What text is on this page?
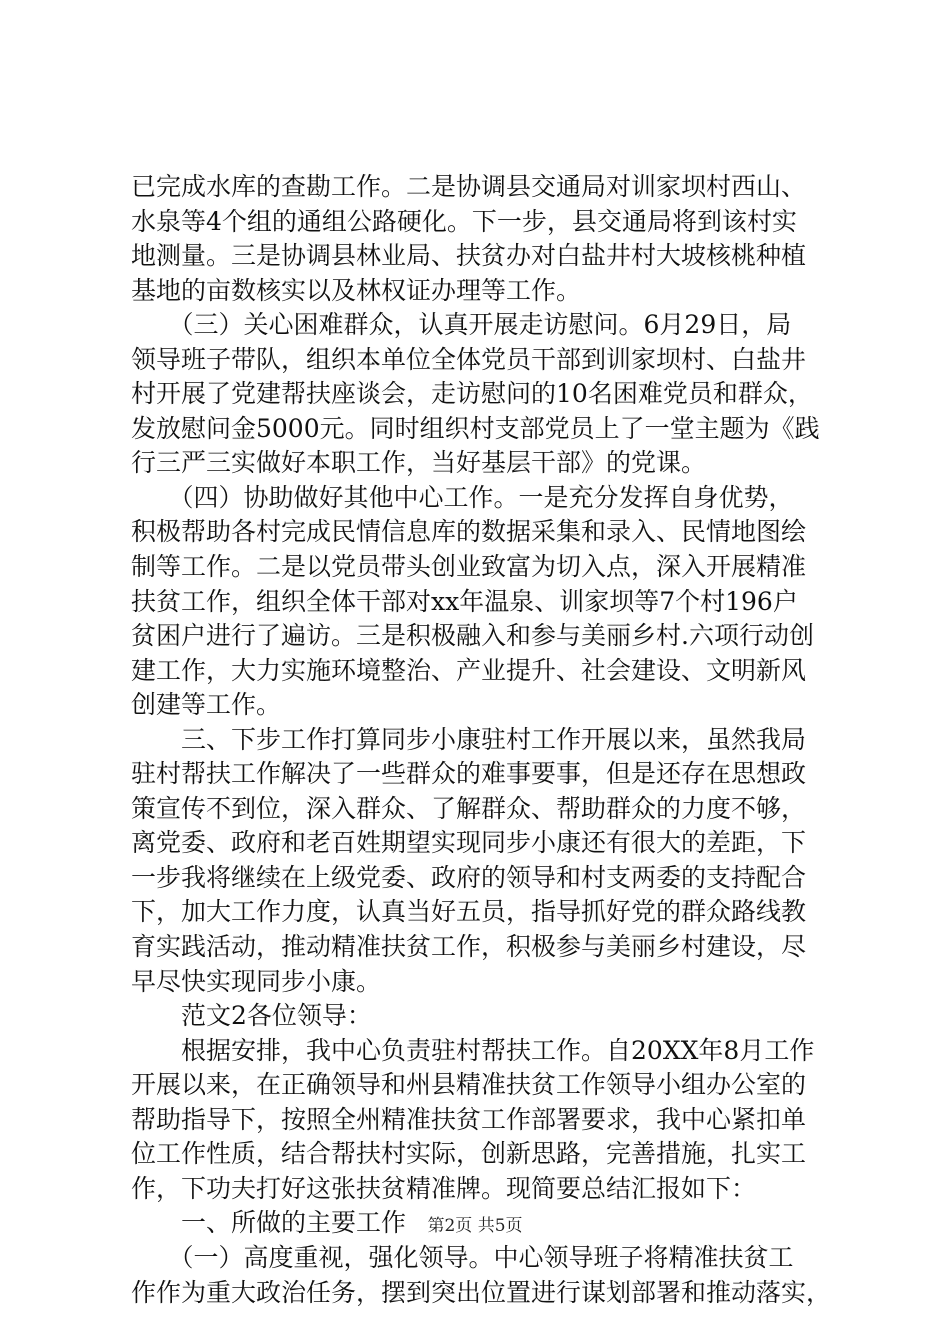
已完成水库的查勘工作。二是协调县交通局对训家坝村西山、
水泉等4个组的通组公路硬化。下一步，县交通局将到该村实
地测量。三是协调县林业局、扶贫办对白盐井村大坡核桃种植
基地的亩数核实以及林权证办理等工作。
　　（三）关心困难群众，认真开展走访慰问。6月29日，局
领导班子带队，组织本单位全体党员干部到训家坝村、白盐井
村开展了党建帮扶座谈会，走访慰问的10名困难党员和群众，
发放慰问金5000元。同时组织村支部党员上了一堂主题为《践
行三严三实做好本职工作，当好基层干部》的党课。
　　（四）协助做好其他中心工作。一是充分发挥自身优势，
积极帮助各村完成民情信息库的数据采集和录入、民情地图绘
制等工作。二是以党员带头创业致富为切入点，深入开展精准
扶贫工作，组织全体干部对xx年温泉、训家坝等7个村196户
贫困户进行了遍访。三是积极融入和参与美丽乡村.六项行动创
建工作，大力实施环境整治、产业提升、社会建设、文明新风
创建等工作。
　　三、下步工作打算同步小康驻村工作开展以来，虽然我局
驻村帮扶工作解决了一些群众的难事要事，但是还存在思想政
策宣传不到位，深入群众、了解群众、帮助群众的力度不够，
离党委、政府和老百姓期望实现同步小康还有很大的差距，下
一步我将继续在上级党委、政府的领导和村支两委的支持配合
下，加大工作力度，认真当好五员，指导抓好党的群众路线教
育实践活动，推动精准扶贫工作，积极参与美丽乡村建设，尽
早尽快实现同步小康。
　　范文2各位领导：
　　根据安排，我中心负责驻村帮扶工作。自20XX年8月工作
开展以来，在正确领导和州县精准扶贫工作领导小组办公室的
帮助指导下，按照全州精准扶贫工作部署要求，我中心紧扣单
位工作性质，结合帮扶村实际，创新思路，完善措施，扎实工
作，下功夫打好这张扶贫精准牌。现简要总结汇报如下：
　　一、所做的主要工作
　　（一）高度重视，强化领导。中心领导班子将精准扶贫工
作作为重大政治任务，摆到突出位置进行谋划部署和推动落实，
第2页 共5页
